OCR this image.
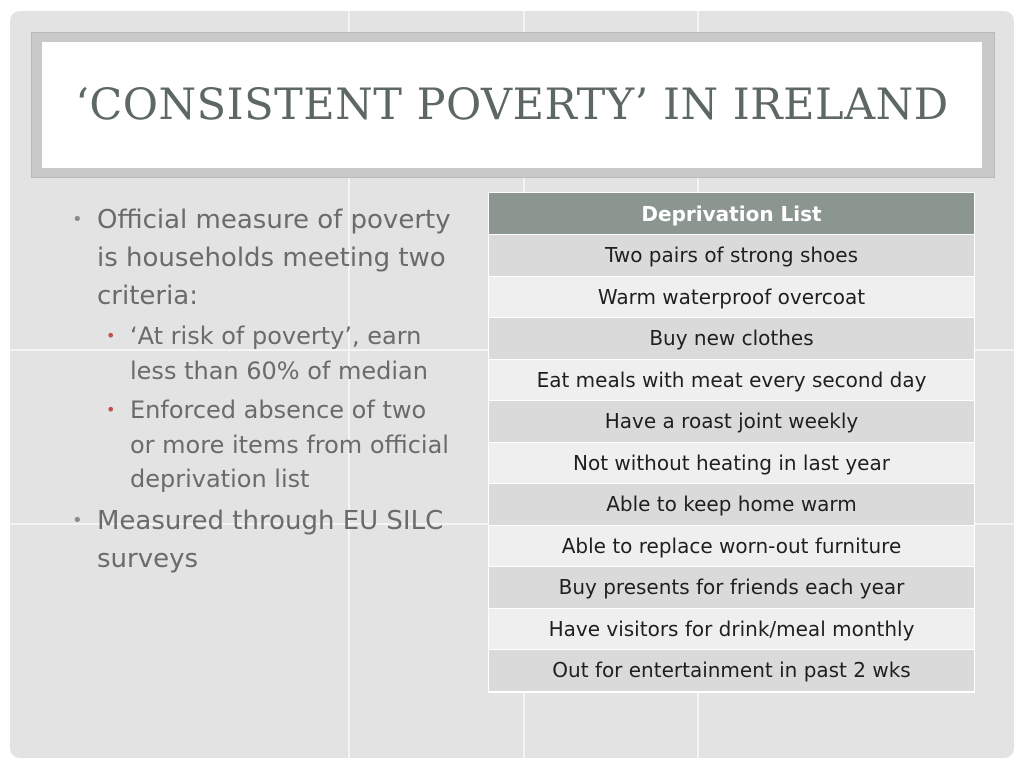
‘CONSISTENT POVERTY’ IN IRELAND
• Official measure of poverty is households meeting two criteria:
• ‘At risk of poverty’, earn less than 60% of median
• Enforced absence of two or more items from official deprivation list
• Measured through EU SILC surveys
Deprivation List
Two pairs of strong shoes
Warm waterproof overcoat
Buy new clothes
Eat meals with meat every second day
Have a roast joint weekly
Not without heating in last year
Able to keep home warm
Able to replace worn-out furniture
Buy presents for friends each year
Have visitors for drink/meal monthly
Out for entertainment in past 2 wks
